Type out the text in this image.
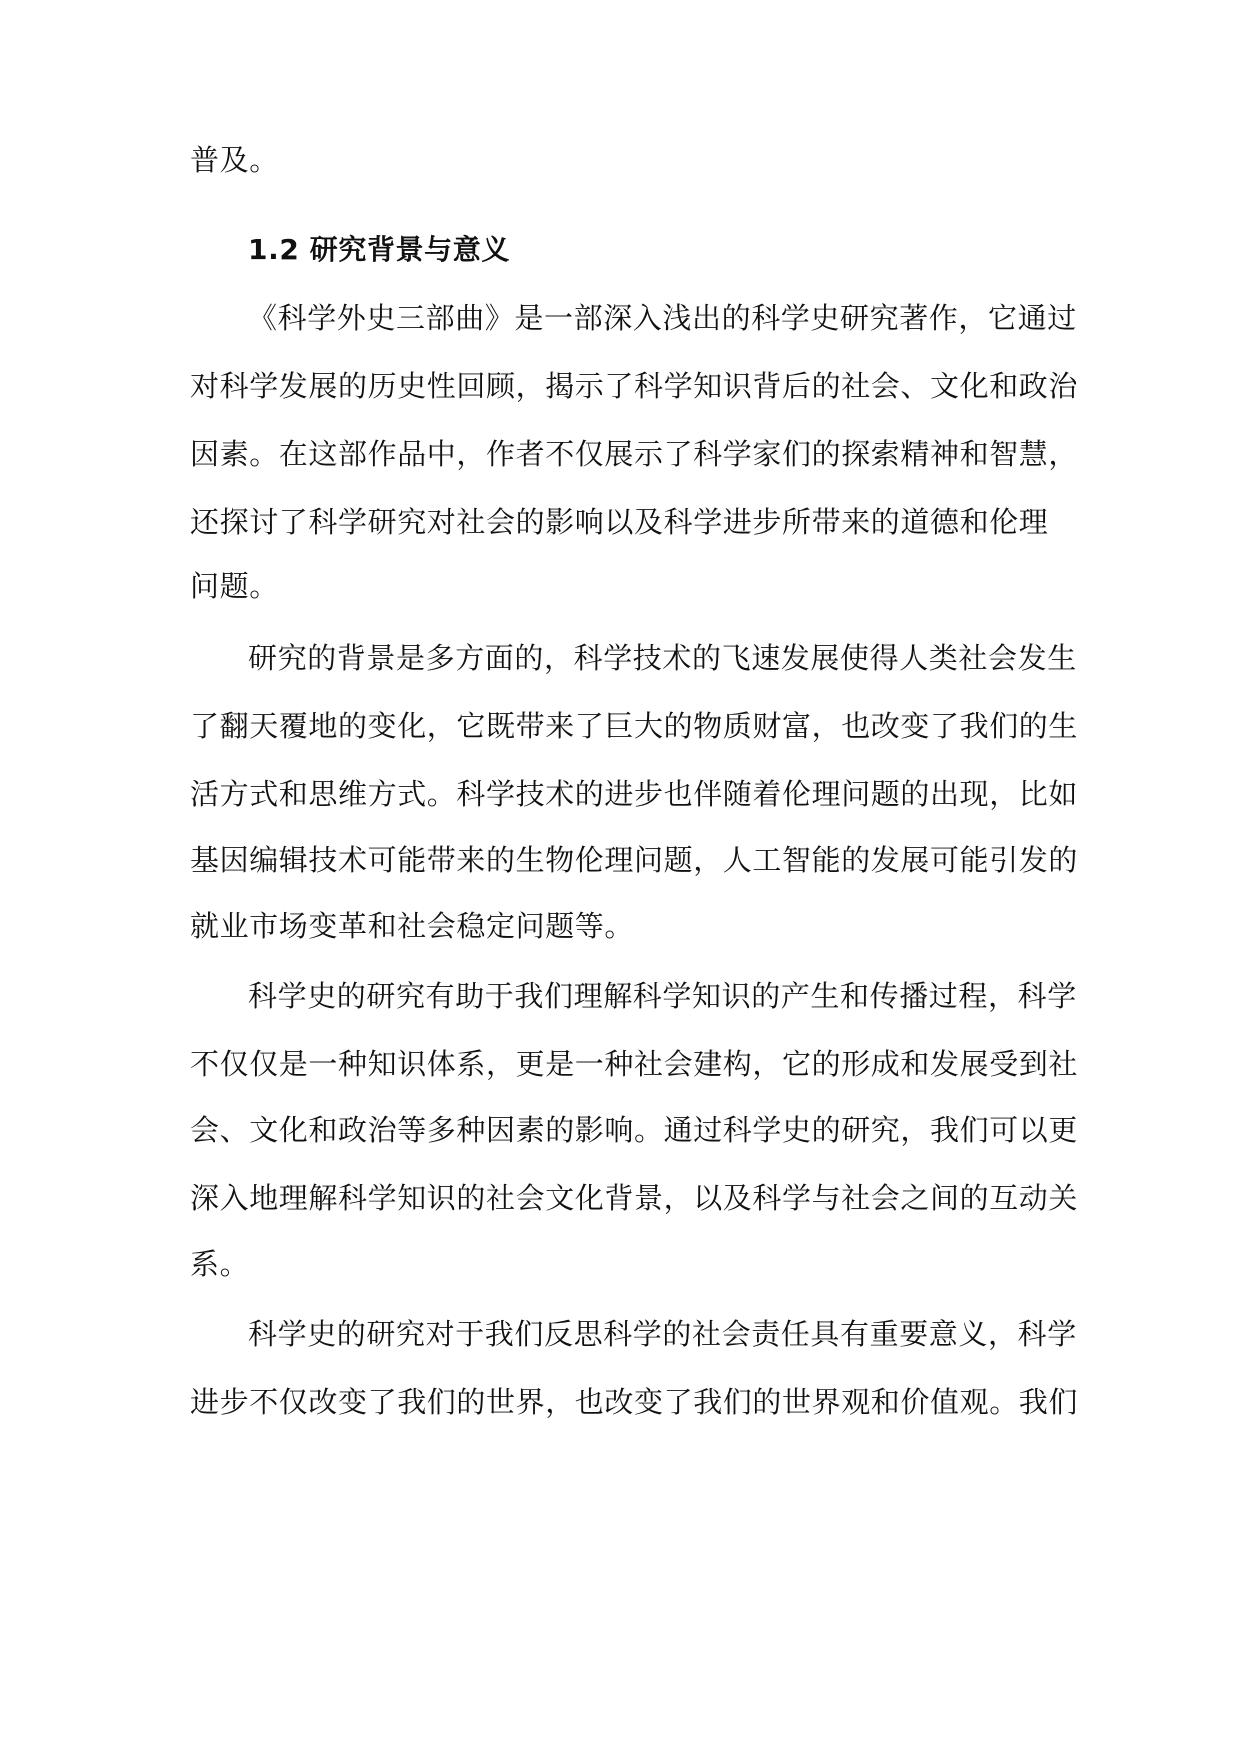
普及。
1.2 研究背景与意义
《科学外史三部曲》是一部深入浅出的科学史研究著作，它通过
对科学发展的历史性回顾，揭示了科学知识背后的社会、文化和政治
因素。在这部作品中，作者不仅展示了科学家们的探索精神和智慧，
还探讨了科学研究对社会的影响以及科学进步所带来的道德和伦理
问题。
研究的背景是多方面的，科学技术的飞速发展使得人类社会发生
了翻天覆地的变化，它既带来了巨大的物质财富，也改变了我们的生
活方式和思维方式。科学技术的进步也伴随着伦理问题的出现，比如
基因编辑技术可能带来的生物伦理问题，人工智能的发展可能引发的
就业市场变革和社会稳定问题等。
科学史的研究有助于我们理解科学知识的产生和传播过程，科学
不仅仅是一种知识体系，更是一种社会建构，它的形成和发展受到社
会、文化和政治等多种因素的影响。通过科学史的研究，我们可以更
深入地理解科学知识的社会文化背景，以及科学与社会之间的互动关
系。
科学史的研究对于我们反思科学的社会责任具有重要意义，科学
进步不仅改变了我们的世界，也改变了我们的世界观和价值观。我们
